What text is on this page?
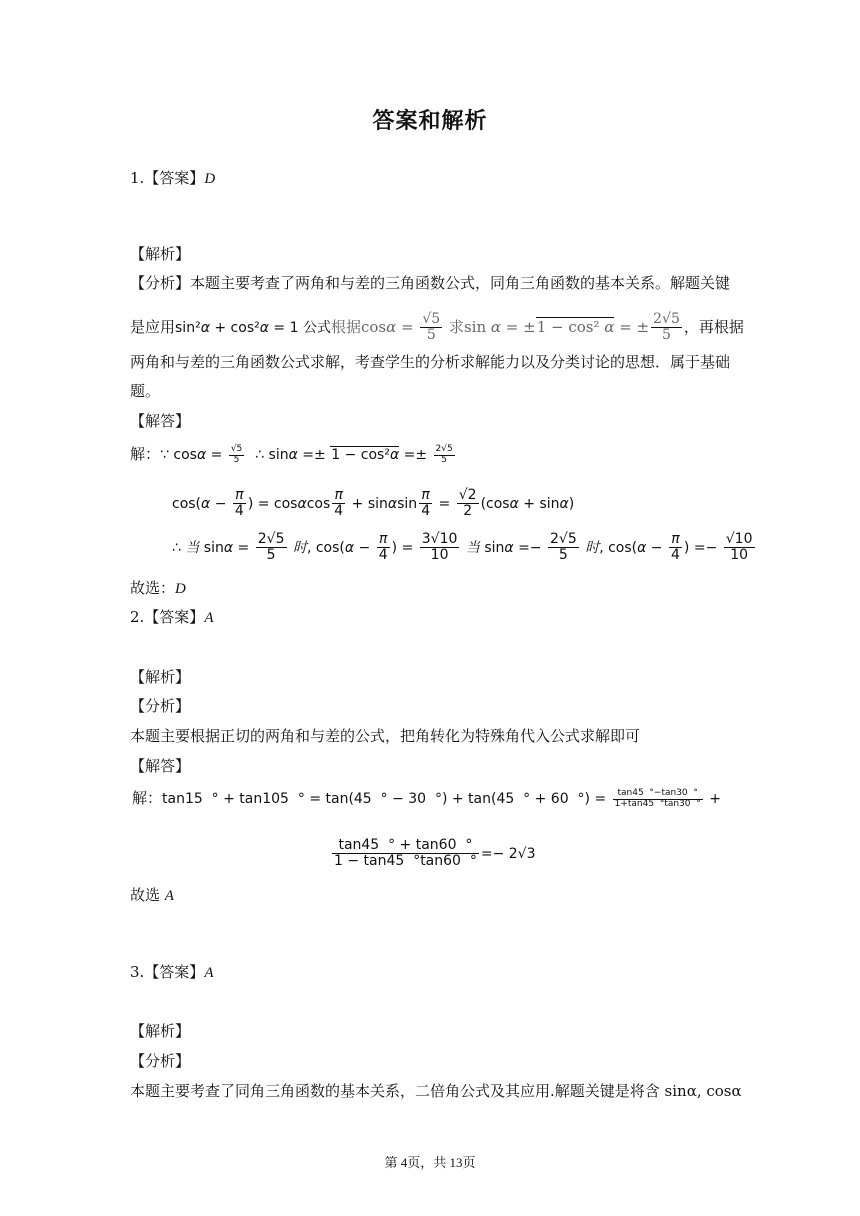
答案和解析
1.【答案】D
【解析】
【分析】本题主要考查了两角和与差的三角函数公式，同角三角函数的基本关系。解题关键
是应用sin²α + cos²α = 1 公式根据$\cos\alpha = \frac{√5}{5}$ 求sin α = ±1 − cos² α = ± $\frac{2√5}{5}$ ，再根据
两角和与差的三角函数公式求解，考查学生的分析求解能力以及分类讨论的思想．属于基础
题。
【解答】
解：∵ $\cos\alpha = \frac{√5}{5}$ ∴ $\sin\alpha =\pm 1 - \cos^2\alpha =\pm \frac{2√5}{5}$
$\cos(\alpha - \frac{\pi}{4}$ ) = cosαcos $\frac{\pi}{4} + \sin\alpha\sin \frac{\pi}{4} = \frac{√2}{2} (\cos\alpha + \sin\alpha)$
∴ 当 $\sin\alpha = \frac{2√5}{5}$ 时, $\cos(\alpha - \frac{\pi}{4}$ ) = $\frac{3√10}{10}$ 当 $\sin\alpha =- \frac{2√5}{5}$ 时, $\cos(\alpha - \frac{\pi}{4}$ ) =− $\frac{√10}{10}$
故选：D
2.【答案】A
【解析】
【分析】
本题主要根据正切的两角和与差的公式，把角转化为特殊角代入公式求解即可
【解答】
解：tan15  ° + tan105  ° = tan(45  ° − 30  °) + tan(45  ° + 60  °) = $\frac{\tan 45 ^\circ-\tan 30 ^\circ}{1+\tan 45 ^\circ\tan 30 ^\circ}$ +
$\frac{\tan 45 ^\circ + \tan 60 ^\circ}{1 - \tan 45 ^\circ\tan 60 ^\circ} =- 2√3$
故选 A
3.【答案】A
【解析】
【分析】
本题主要考查了同角三角函数的基本关系，二倍角公式及其应用.解题关键是将含 sinα, cosα
第 4页，共 13页
